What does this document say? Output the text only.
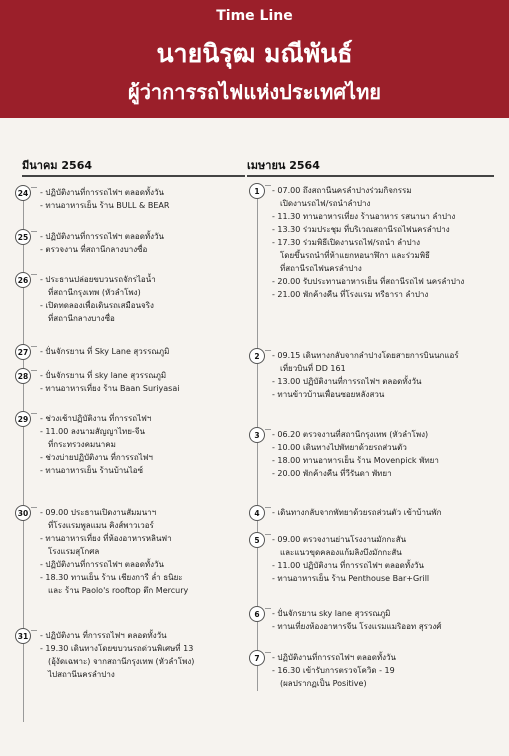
Time Line
นายนิรุฒ มณีพันธ์
ผู้ว่าการรถไฟแห่งประเทศไทย
มีนาคม 2564	เมษายน 2564
24	- ปฏิบัติงานที่การรถไฟฯ ตลอดทั้งวัน
- ทานอาหารเย็น ร้าน BULL & BEAR
25	- ปฏิบัติงานที่การรถไฟฯ ตลอดทั้งวัน
- ตรวจงาน ที่สถานีกลางบางซื่อ
26	- ประธานปล่อยขบวนรถจักรไอน้ำ
ที่สถานีกรุงเทพ (หัวลำโพง)
- เปิดทดลองเพื่อเดินรถเสมือนจริง
ที่สถานีกลางบางซื่อ
27	- ปั่นจักรยาน ที่ Sky Lane สุวรรณภูมิ
28	- ปั่นจักรยาน ที่ sky lane สุวรรณภูมิ
- ทานอาหารเที่ยง ร้าน Baan Suriyasai
29	- ช่วงเช้าปฏิบัติงาน ที่การรถไฟฯ
- 11.00 ลงนามสัญญาไทย-จีน
ที่กระทรวงคมนาคม
- ช่วงบ่ายปฏิบัติงาน ที่การรถไฟฯ
- ทานอาหารเย็น ร้านบ้านไอซ์
30	- 09.00 ประธานเปิดงานสัมมนาฯ
ที่โรงแรมพูลแมน คิงส์พาวเวอร์
- ทานอาหารเที่ยง ที่ห้องอาหารหลินฟา
โรงแรมสุโกศล
- ปฏิบัติงานที่การรถไฟฯ ตลอดทั้งวัน
- 18.30 ทานเย็น ร้าน เชียงการี ล่ำ ธนิยะ
และ ร้าน Paolo's rooftop ตึก Mercury
31	- ปฏิบัติงาน ที่การรถไฟฯ ตลอดทั้งวัน
- 19.30 เดินทางโดยขบวนรถด่วนพิเศษที่ 13
(อุ้งัดเฉพาะ) จากสถานีกรุงเทพ (หัวลำโพง)
ไปสถานีนครลำปาง
1	- 07.00 ถึงสถานีนครลำปางร่วมกิจกรรม
เปิดงานรถไฟ/รถนำลำปาง
- 11.30 ทานอาหารเที่ยง ร้านอาหาร รสนานา ลำปาง
- 13.30 ร่วมประชุม ที่บริเวณสถานีรถไฟนครลำปาง
- 17.30 ร่วมพิธีเปิดงานรถไฟ/รถนำ ลำปาง
โดยขึ้นรถนำที่ห้าแยกหอนาฬิกา และร่วมพิธี
ที่สถานีรถไฟนครลำปาง
- 20.00 รับประทานอาหารเย็น ที่สถานีรถไฟ นครลำปาง
- 21.00 พักค้างคืน ที่โรงแรม ทรีธารา ลำปาง
2	- 09.15 เดินทางกลับจากลำปางโดยสายการบินนกแอร์
เที่ยวบินที่ DD 161
- 13.00 ปฏิบัติงานที่การรถไฟฯ ตลอดทั้งวัน
- ทานข้าวบ้านเพื่อนซอยหลังสวน
3	- 06.20 ตรวจงานที่สถานีกรุงเทพ (หัวลำโพง)
- 10.00 เดินทางไปพัทยาด้วยรถส่วนตัว
- 18.00 ทานอาหารเย็น ร้าน Movenpick พัทยา
- 20.00 พักค้างคืน ที่วีรันดา พัทยา
4	- เดินทางกลับจากพัทยาด้วยรถส่วนตัว เข้าบ้านพัก
5	- 09.00 ตรวจงานย่านโรงงานมักกะสัน
และแนวขุดคลองแก้มลิงบึงมักกะสัน
- 11.00 ปฏิบัติงาน ที่การรถไฟฯ ตลอดทั้งวัน
- ทานอาหารเย็น ร้าน Penthouse Bar+Grill
6	- ปั่นจักรยาน sky lane สุวรรณภูมิ
- ทานเที่ยงห้องอาหารจีน โรงแรมแมริออท สุรวงศ์
7	- ปฏิบัติงานที่การรถไฟฯ ตลอดทั้งวัน
- 16.30 เข้ารับการตรวจโควิด - 19
(ผลปรากฏเป็น Positive)
